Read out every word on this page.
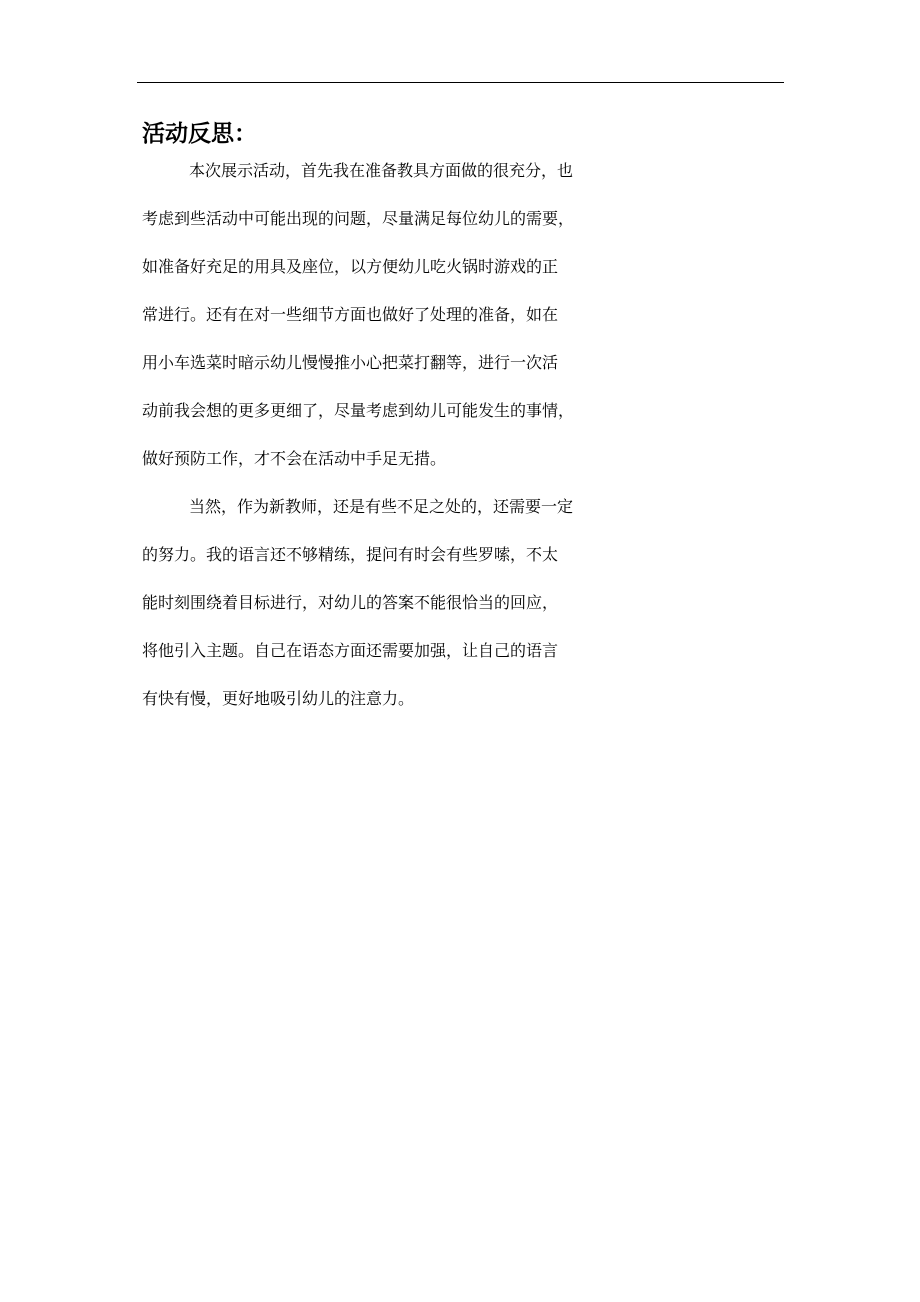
活动反思：
本次展示活动，首先我在准备教具方面做的很充分，也
考虑到些活动中可能出现的问题，尽量满足每位幼儿的需要，
如准备好充足的用具及座位，以方便幼儿吃火锅时游戏的正
常进行。还有在对一些细节方面也做好了处理的准备，如在
用小车选菜时暗示幼儿慢慢推小心把菜打翻等，进行一次活
动前我会想的更多更细了，尽量考虑到幼儿可能发生的事情，
做好预防工作，才不会在活动中手足无措。
当然，作为新教师，还是有些不足之处的，还需要一定
的努力。我的语言还不够精练，提问有时会有些罗嗦，不太
能时刻围绕着目标进行，对幼儿的答案不能很恰当的回应，
将他引入主题。自己在语态方面还需要加强，让自己的语言
有快有慢，更好地吸引幼儿的注意力。
